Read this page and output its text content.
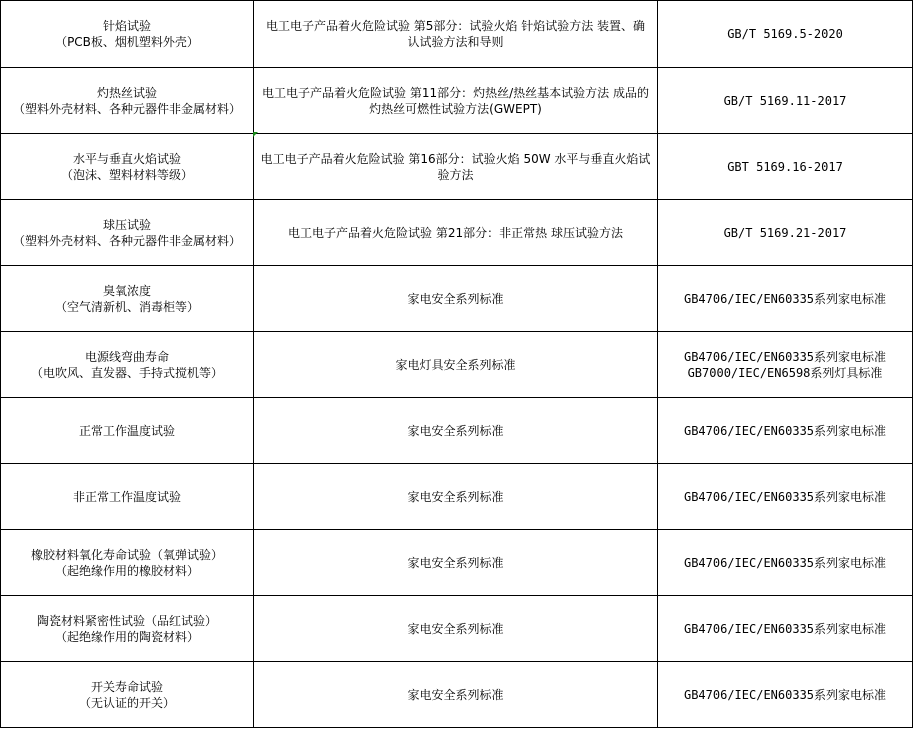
针焰试验
（PCB板、烟机塑料外壳）	电工电子产品着火危险试验 第5部分：试验火焰 针焰试验方法 装置、确认试验方法和导则	GB/T 5169.5-2020

灼热丝试验
（塑料外壳材料、各种元器件非金属材料）	电工电子产品着火危险试验 第11部分：灼热丝/热丝基本试验方法 成品的灼热丝可燃性试验方法(GWEPT)	GB/T 5169.11-2017

水平与垂直火焰试验
（泡沫、塑料材料等级）	电工电子产品着火危险试验 第16部分：试验火焰 50W 水平与垂直火焰试验方法	GBT 5169.16-2017

球压试验
（塑料外壳材料、各种元器件非金属材料）	电工电子产品着火危险试验 第21部分：非正常热 球压试验方法	GB/T 5169.21-2017

臭氧浓度
（空气清新机、消毒柜等）	家电安全系列标准	GB4706/IEC/EN60335系列家电标准

电源线弯曲寿命
（电吹风、直发器、手持式搅机等）	家电灯具安全系列标准	GB4706/IEC/EN60335系列家电标准
GB7000/IEC/EN6598系列灯具标准

正常工作温度试验	家电安全系列标准	GB4706/IEC/EN60335系列家电标准

非正常工作温度试验	家电安全系列标准	GB4706/IEC/EN60335系列家电标准

橡胶材料氧化寿命试验（氧弹试验）
（起绝缘作用的橡胶材料）	家电安全系列标准	GB4706/IEC/EN60335系列家电标准

陶瓷材料紧密性试验（品红试验）
（起绝缘作用的陶瓷材料）	家电安全系列标准	GB4706/IEC/EN60335系列家电标准

开关寿命试验
（无认证的开关）	家电安全系列标准	GB4706/IEC/EN60335系列家电标准
